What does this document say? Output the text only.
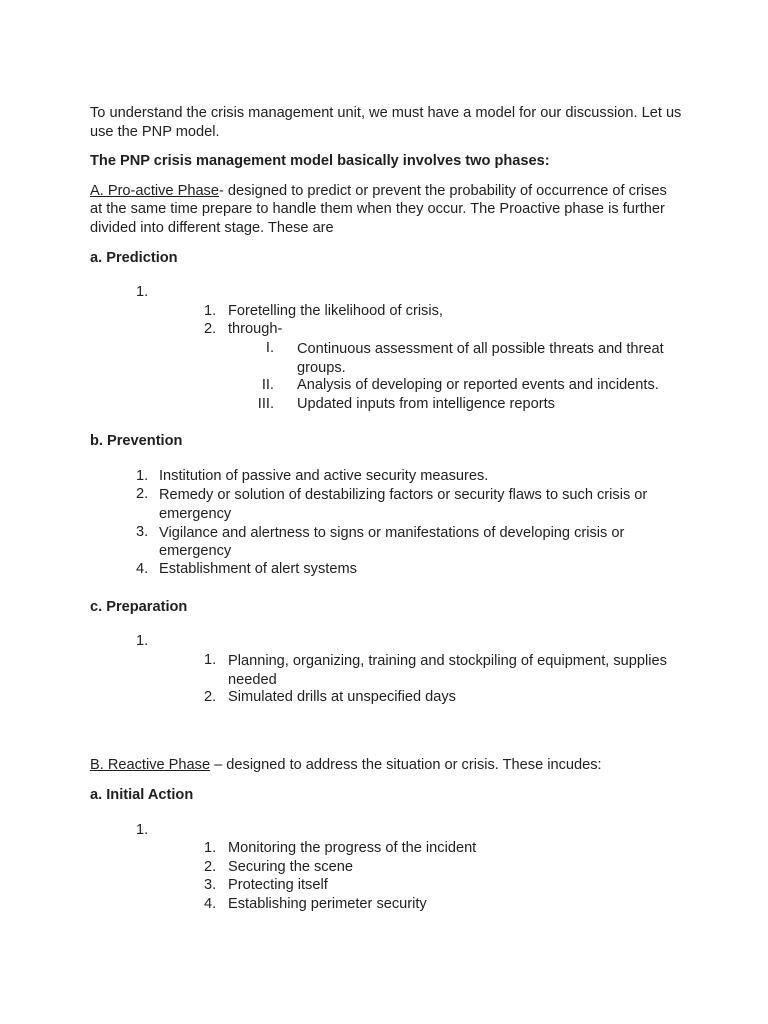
To understand the crisis management unit, we must have a model for our discussion. Let us use the PNP model.

The PNP crisis management model basically involves two phases:

A. Pro-active Phase- designed to predict or prevent the probability of occurrence of crises at the same time prepare to handle them when they occur. The Proactive phase is further divided into different stage. These are

a. Prediction

1.
1. Foretelling the likelihood of crisis,
2. through-
I. Continuous assessment of all possible threats and threat groups.
II. Analysis of developing or reported events and incidents.
III. Updated inputs from intelligence reports

b. Prevention

1. Institution of passive and active security measures.
2. Remedy or solution of destabilizing factors or security flaws to such crisis or emergency
3. Vigilance and alertness to signs or manifestations of developing crisis or emergency
4. Establishment of alert systems

c. Preparation

1.
1. Planning, organizing, training and stockpiling of equipment, supplies needed
2. Simulated drills at unspecified days

B. Reactive Phase – designed to address the situation or crisis. These incudes:

a. Initial Action

1.
1. Monitoring the progress of the incident
2. Securing the scene
3. Protecting itself
4. Establishing perimeter security
